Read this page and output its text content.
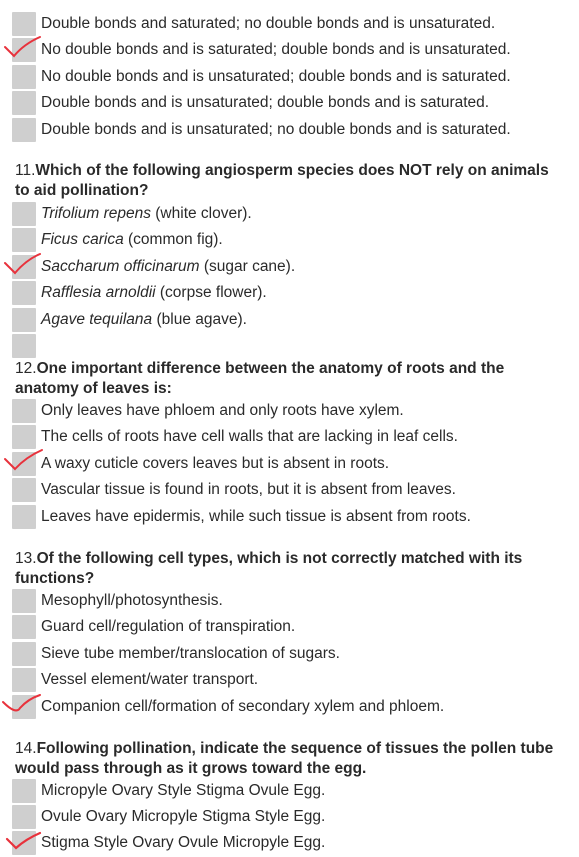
Double bonds and saturated; no double bonds and is unsaturated.
No double bonds and is saturated; double bonds and is unsaturated.
No double bonds and is unsaturated; double bonds and is saturated.
Double bonds and is unsaturated; double bonds and is saturated.
Double bonds and is unsaturated; no double bonds and is saturated.
11.Which of the following angiosperm species does NOT rely on animals to aid pollination?
Trifolium repens (white clover).
Ficus carica (common fig).
Saccharum officinarum (sugar cane).
Rafflesia arnoldii (corpse flower).
Agave tequilana (blue agave).
12.One important difference between the anatomy of roots and the anatomy of leaves is:
Only leaves have phloem and only roots have xylem.
The cells of roots have cell walls that are lacking in leaf cells.
A waxy cuticle covers leaves but is absent in roots.
Vascular tissue is found in roots, but it is absent from leaves.
Leaves have epidermis, while such tissue is absent from roots.
13.Of the following cell types, which is not correctly matched with its functions?
Mesophyll/photosynthesis.
Guard cell/regulation of transpiration.
Sieve tube member/translocation of sugars.
Vessel element/water transport.
Companion cell/formation of secondary xylem and phloem.
14.Following pollination, indicate the sequence of tissues the pollen tube would pass through as it grows toward the egg.
Micropyle Ovary Style Stigma Ovule Egg.
Ovule Ovary Micropyle Stigma Style Egg.
Stigma Style Ovary Ovule Micropyle Egg.
